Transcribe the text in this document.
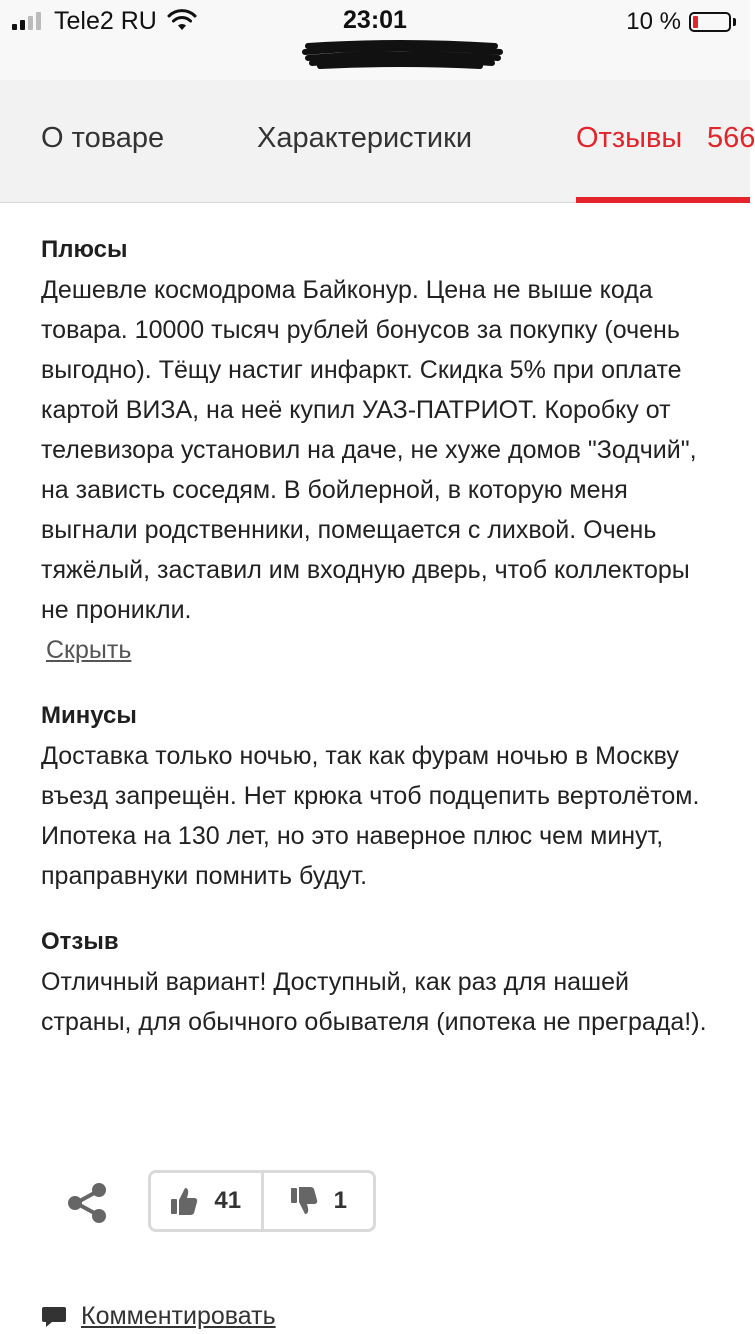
Tele2 RU	23:01	10 %
О товаре	Характеристики	Отзывы 566

Плюсы

Дешевле космодрома Байконур. Цена не выше кода товара. 10000 тысяч рублей бонусов за покупку (очень выгодно). Тёщу настиг инфаркт. Скидка 5% при оплате картой ВИЗА, на неё купил УАЗ-ПАТРИОТ. Коробку от телевизора установил на даче, не хуже домов "Зодчий", на зависть соседям. В бойлерной, в которую меня выгнали родственники, помещается с лихвой. Очень тяжёлый, заставил им входную дверь, чтоб коллекторы не проникли.

Скрыть

Минусы

Доставка только ночью, так как фурам ночью в Москву въезд запрещён. Нет крюка чтоб подцепить вертолётом. Ипотека на 130 лет, но это наверное плюс чем минут, праправнуки помнить будут.

Отзыв

Отличный вариант! Доступный, как раз для нашей страны, для обычного обывателя (ипотека не преграда!).

41	1
Комментировать
